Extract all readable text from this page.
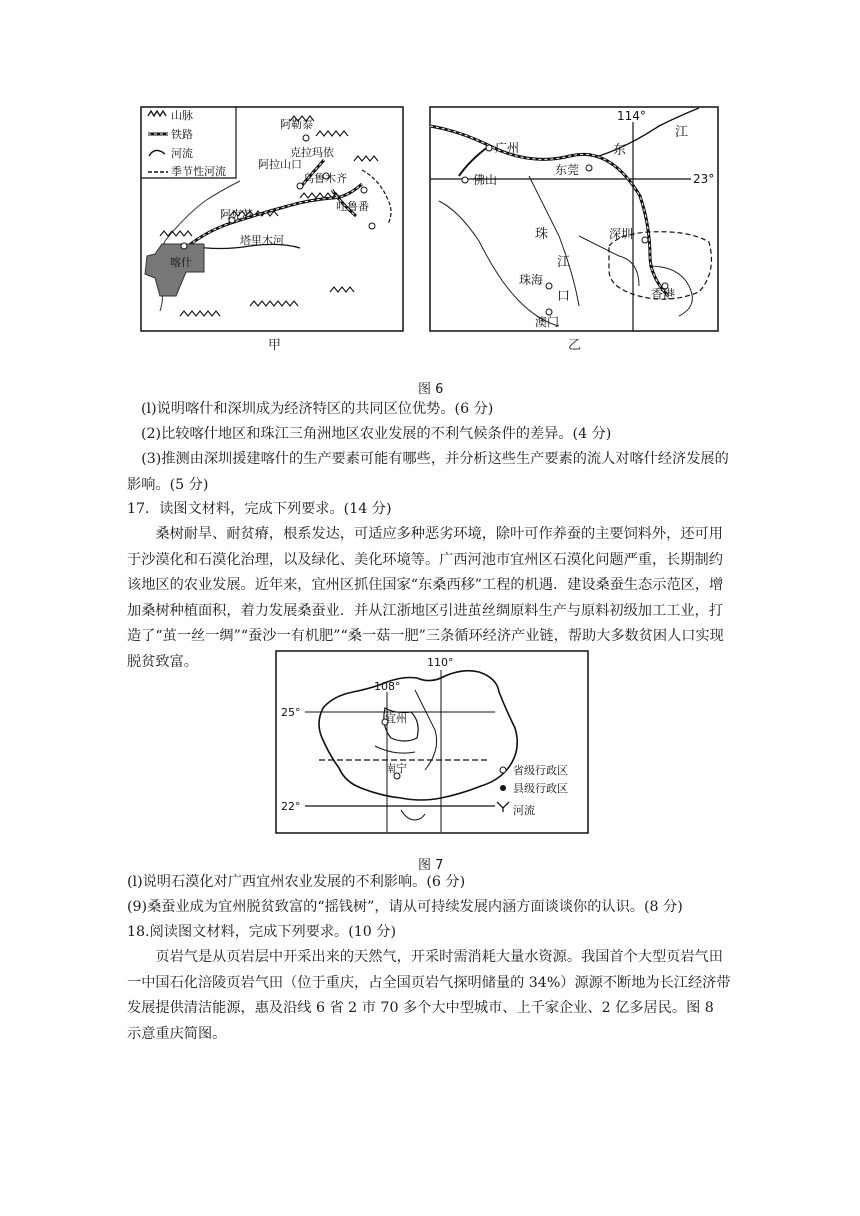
山脉
铁路
河流
季节性河流
阿勒泰
克拉玛依
阿拉山口
乌鲁木齐
吐鲁番
阿克苏
塔里木河
喀什
甲
114°
23°
广州
佛山
东莞
东
江
深圳
珠
江
口
珠海
澳门
香港
乙
图 6

(l)说明喀什和深圳成为经济特区的共同区位优势。(6 分)

(2)比较喀什地区和珠江三角洲地区农业发展的不利气候条件的差异。(4 分)

(3)推测由深圳援建喀什的生产要素可能有哪些，并分析这些生产要素的流人对喀什经济发展的影响。(5 分)

17．读图文材料，完成下列要求。(14 分)

桑树耐旱、耐贫瘠，根系发达，可适应多种恶劣环境，除叶可作养蚕的主要饲料外，还可用于沙漠化和石漠化治理，以及绿化、美化环境等。广西河池市宜州区石漠化问题严重，长期制约该地区的农业发展。近年来，宜州区抓住国家“东桑西移”工程的机遇．建设桑蚕生态示范区，增加桑树种植面积，着力发展桑蚕业．并从江浙地区引进茧丝绸原料生产与原料初级加工工业，打造了“茧一丝一绸”“蚕沙一有机肥”“桑一菇一肥”三条循环经济产业链，帮助大多数贫困人口实现脱贫致富。

108°
110°
25°
22°
宜州
南宁	省级行政区
县级行政区
河流
图 7

(l)说明石漠化对广西宜州农业发展的不利影响。(6 分)

(9)桑蚕业成为宜州脱贫致富的“摇钱树”，请从可持续发展内涵方面谈谈你的认识。(8 分)

18.阅读图文材料，完成下列要求。(10 分)

页岩气是从页岩层中开采出来的天然气，开采时需消耗大量水资源。我国首个大型页岩气田一中国石化涪陵页岩气田（位于重庆，占全国页岩气探明储量的 34%）源源不断地为长江经济带发展提供清洁能源，惠及沿线 6 省 2 市 70 多个大中型城市、上千家企业、2 亿多居民。图 8 示意重庆简图。
